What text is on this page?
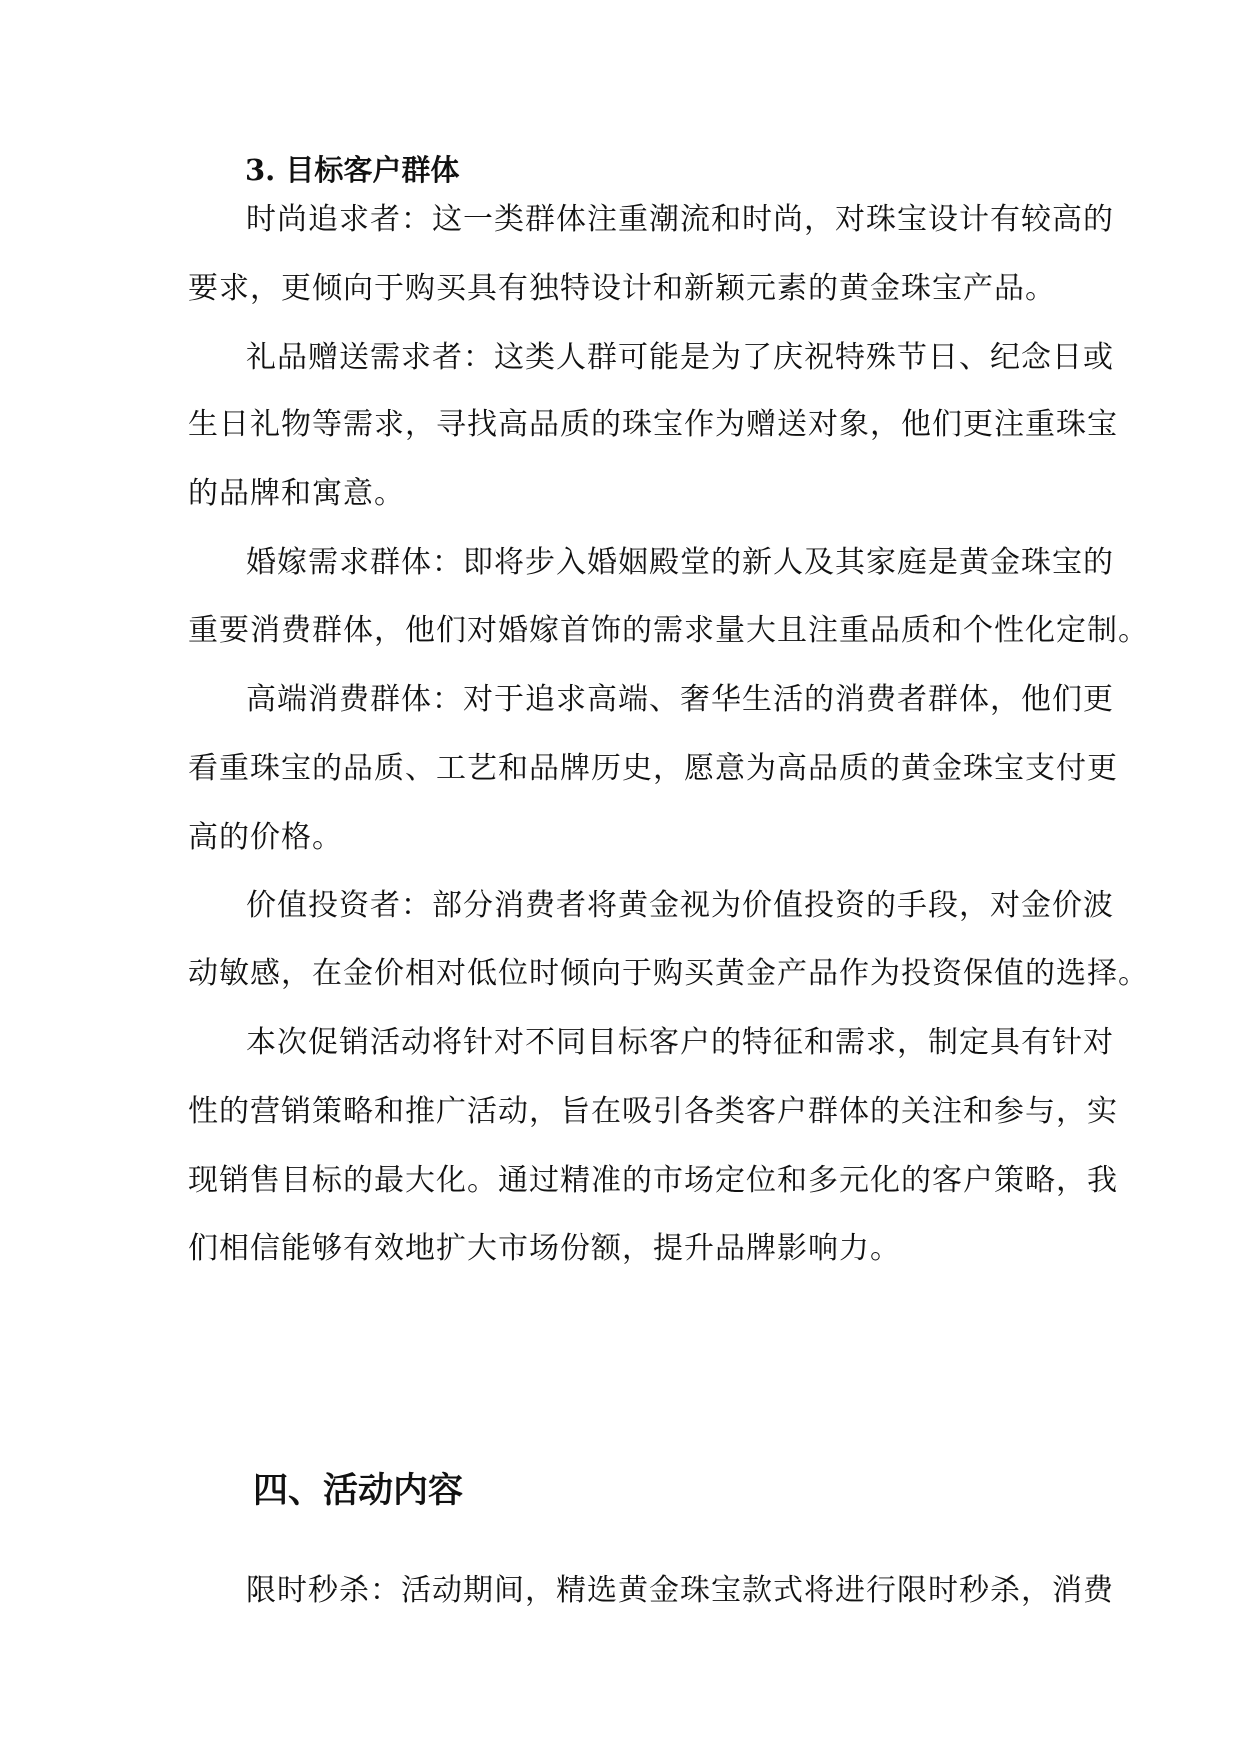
3. 目标客户群体
时尚追求者：这一类群体注重潮流和时尚，对珠宝设计有较高的
要求，更倾向于购买具有独特设计和新颖元素的黄金珠宝产品。
礼品赠送需求者：这类人群可能是为了庆祝特殊节日、纪念日或
生日礼物等需求，寻找高品质的珠宝作为赠送对象，他们更注重珠宝
的品牌和寓意。
婚嫁需求群体：即将步入婚姻殿堂的新人及其家庭是黄金珠宝的
重要消费群体，他们对婚嫁首饰的需求量大且注重品质和个性化定制。
高端消费群体：对于追求高端、奢华生活的消费者群体，他们更
看重珠宝的品质、工艺和品牌历史，愿意为高品质的黄金珠宝支付更
高的价格。
价值投资者：部分消费者将黄金视为价值投资的手段，对金价波
动敏感，在金价相对低位时倾向于购买黄金产品作为投资保值的选择。
本次促销活动将针对不同目标客户的特征和需求，制定具有针对
性的营销策略和推广活动，旨在吸引各类客户群体的关注和参与，实
现销售目标的最大化。通过精准的市场定位和多元化的客户策略，我
们相信能够有效地扩大市场份额，提升品牌影响力。
四、活动内容
限时秒杀：活动期间，精选黄金珠宝款式将进行限时秒杀，消费
